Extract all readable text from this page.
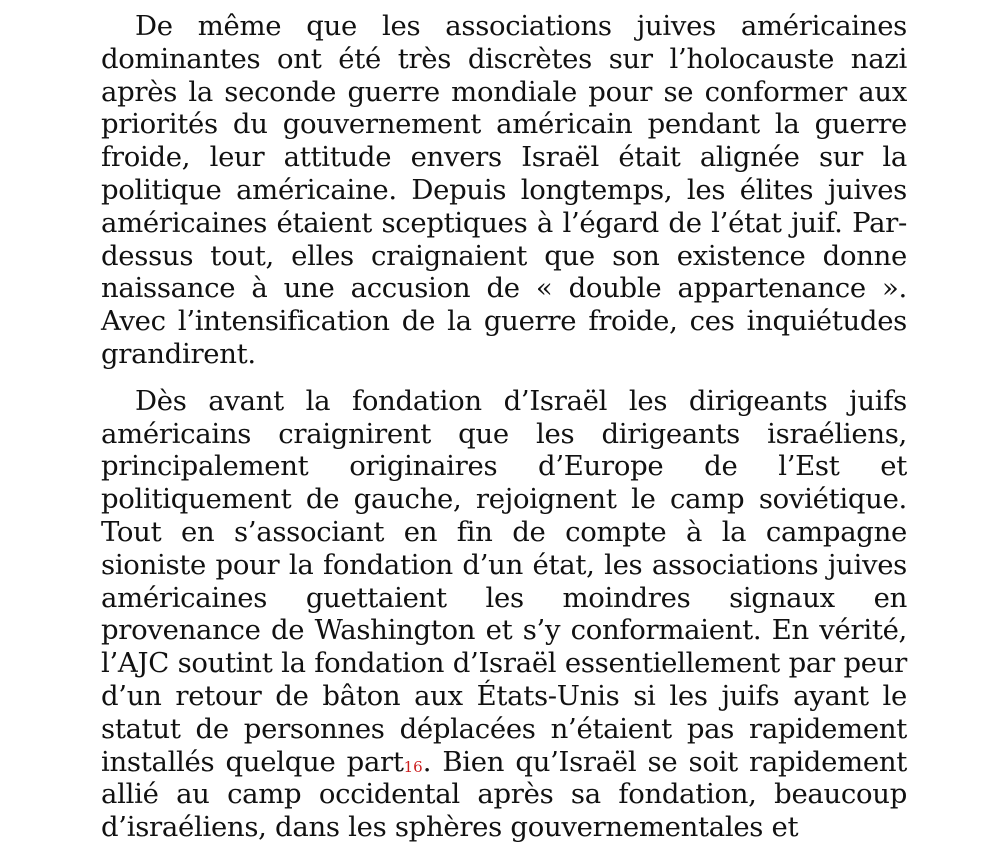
De même que les associations juives américaines dominantes ont été très discrètes sur l’holocauste nazi après la seconde guerre mondiale pour se conformer aux priorités du gouvernement américain pendant la guerre froide, leur attitude envers Israël était alignée sur la politique américaine. Depuis longtemps, les élites juives américaines étaient sceptiques à l’égard de l’état juif. Par-dessus tout, elles craignaient que son existence donne naissance à une accusion de « double appartenance ». Avec l’intensification de la guerre froide, ces inquiétudes grandirent.

Dès avant la fondation d’Israël les dirigeants juifs américains craignirent que les dirigeants israéliens, principalement originaires d’Europe de l’Est et politiquement de gauche, rejoignent le camp soviétique. Tout en s’associant en fin de compte à la campagne sioniste pour la fondation d’un état, les associations juives américaines guettaient les moindres signaux en provenance de Washington et s’y conformaient. En vérité, l’AJC soutint la fondation d’Israël essentiellement par peur d’un retour de bâton aux États-Unis si les juifs ayant le statut de personnes déplacées n’étaient pas rapidement installés quelque part16. Bien qu’Israël se soit rapidement allié au camp occidental après sa fondation, beaucoup d’israéliens, dans les sphères gouvernementales et
